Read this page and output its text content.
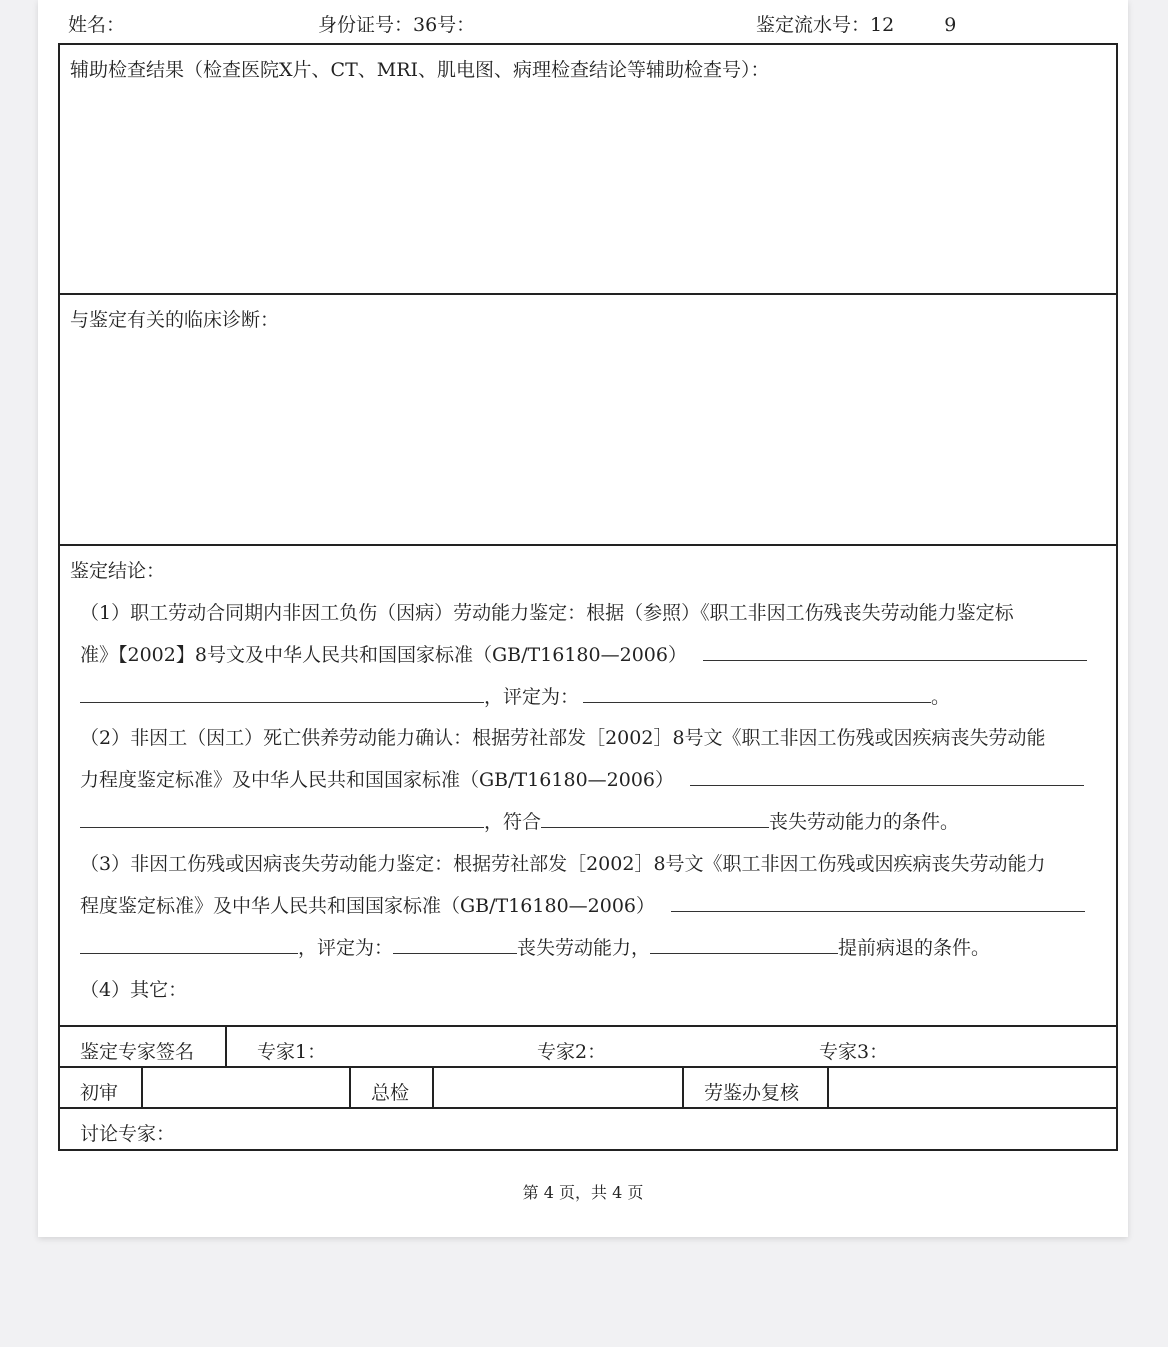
姓名：	身份证号：36号：	鉴定流水号：12	9
辅助检查结果（检查医院X片、CT、MRI、肌电图、病理检查结论等辅助检查号）：
与鉴定有关的临床诊断：
鉴定结论：
（1）职工劳动合同期内非因工负伤（因病）劳动能力鉴定：根据（参照）《职工非因工伤残丧失劳动能力鉴定标
准》【2002】8号文及中华人民共和国国家标准（GB/T16180—2006）
，评定为：	。
（2）非因工（因工）死亡供养劳动能力确认：根据劳社部发［2002］8号文《职工非因工伤残或因疾病丧失劳动能
力程度鉴定标准》及中华人民共和国国家标准（GB/T16180—2006）
，符合	丧失劳动能力的条件。
（3）非因工伤残或因病丧失劳动能力鉴定：根据劳社部发［2002］8号文《职工非因工伤残或因疾病丧失劳动能力
程度鉴定标准》及中华人民共和国国家标准（GB/T16180—2006）
，评定为：	丧失劳动能力，	提前病退的条件。
（4）其它：
鉴定专家签名	专家1：	专家2：	专家3：
初审	总检	劳鉴办复核
讨论专家：
第 4 页，共 4 页
